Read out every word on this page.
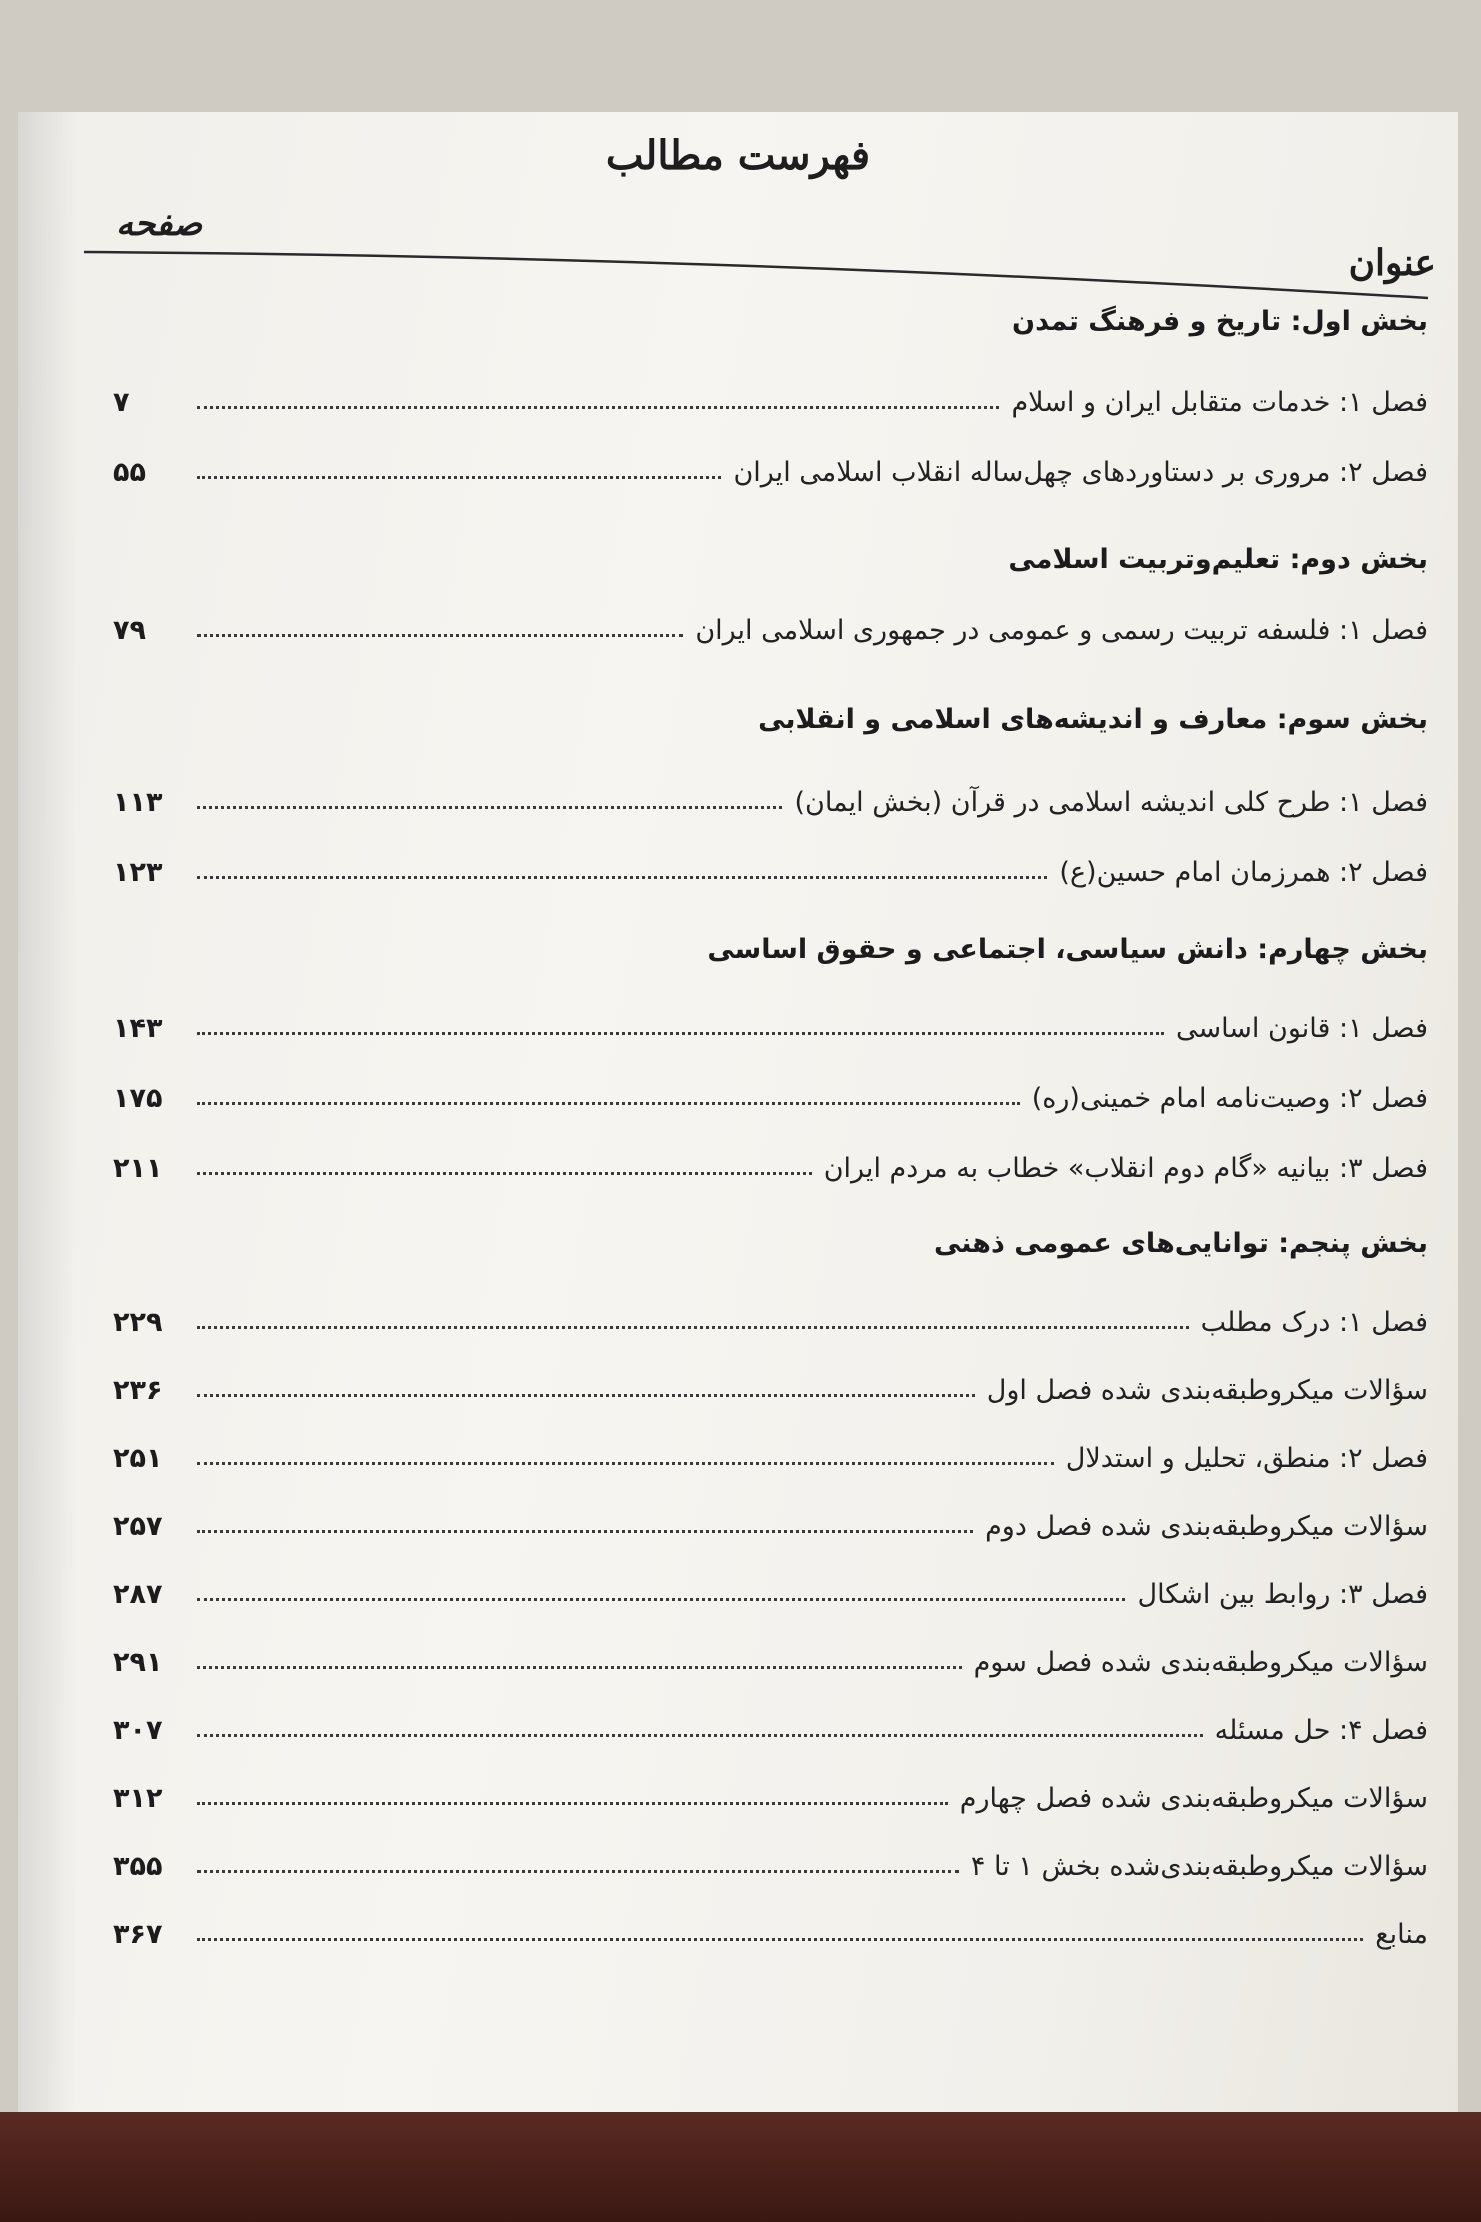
فهرست مطالب
صفحه
عنوان
بخش اول: تاریخ و فرهنگ تمدن
فصل ۱: خدمات متقابل ایران و اسلام
۷
فصل ۲: مروری بر دستاوردهای چهل‌ساله انقلاب اسلامی ایران
۵۵
بخش دوم: تعلیم‌وتربیت اسلامی
فصل ۱: فلسفه تربیت رسمی و عمومی در جمهوری اسلامی ایران
۷۹
بخش سوم: معارف و اندیشه‌های اسلامی و انقلابی
فصل ۱: طرح کلی اندیشه اسلامی در قرآن (بخش ایمان)
۱۱۳
فصل ۲: همرزمان امام حسین(ع)
۱۲۳
بخش چهارم: دانش سیاسی، اجتماعی و حقوق اساسی
فصل ۱: قانون اساسی
۱۴۳
فصل ۲: وصیت‌نامه امام خمینی(ره)
۱۷۵
فصل ۳: بیانیه «گام دوم انقلاب» خطاب به مردم ایران
۲۱۱
بخش پنجم: توانایی‌های عمومی ذهنی
فصل ۱: درک مطلب
۲۲۹
سؤالات میکروطبقه‌بندی شده فصل اول
۲۳۶
فصل ۲: منطق، تحلیل و استدلال
۲۵۱
سؤالات میکروطبقه‌بندی شده فصل دوم
۲۵۷
فصل ۳: روابط بین اشکال
۲۸۷
سؤالات میکروطبقه‌بندی شده فصل سوم
۲۹۱
فصل ۴: حل مسئله
۳۰۷
سؤالات میکروطبقه‌بندی شده فصل چهارم
۳۱۲
سؤالات میکروطبقه‌بندی‌شده بخش ۱ تا ۴
۳۵۵
منابع
۳۶۷
